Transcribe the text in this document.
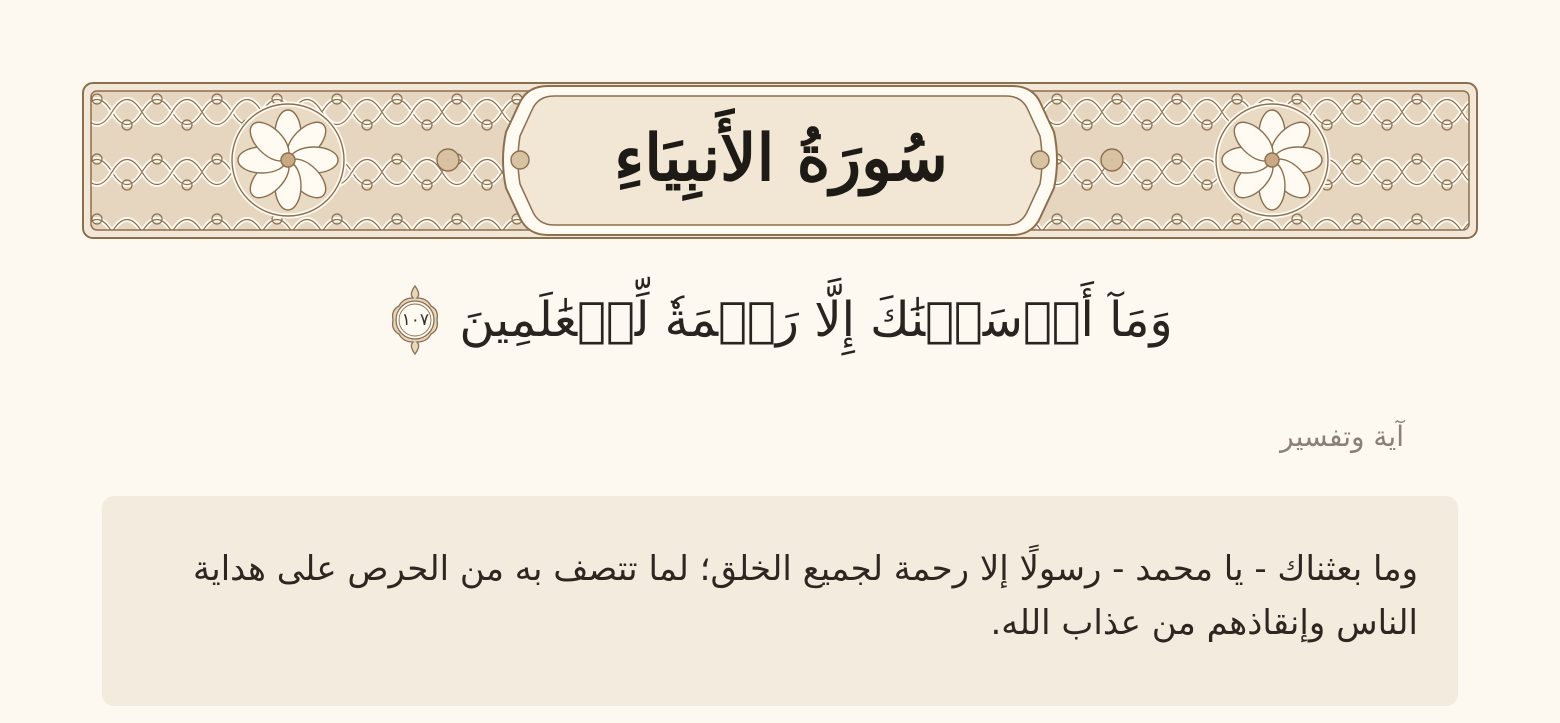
سُورَةُ الأَنبِيَاءِ
وَمَآ أَرۡسَلۡنَٰكَ إِلَّا رَحۡمَةٗ لِّلۡعَٰلَمِينَ
١٠٧
آية وتفسير

وما بعثناك - يا محمد - رسولًا إلا رحمة لجميع الخلق؛ لما تتصف به من الحرص على هداية الناس وإنقاذهم من عذاب الله.
